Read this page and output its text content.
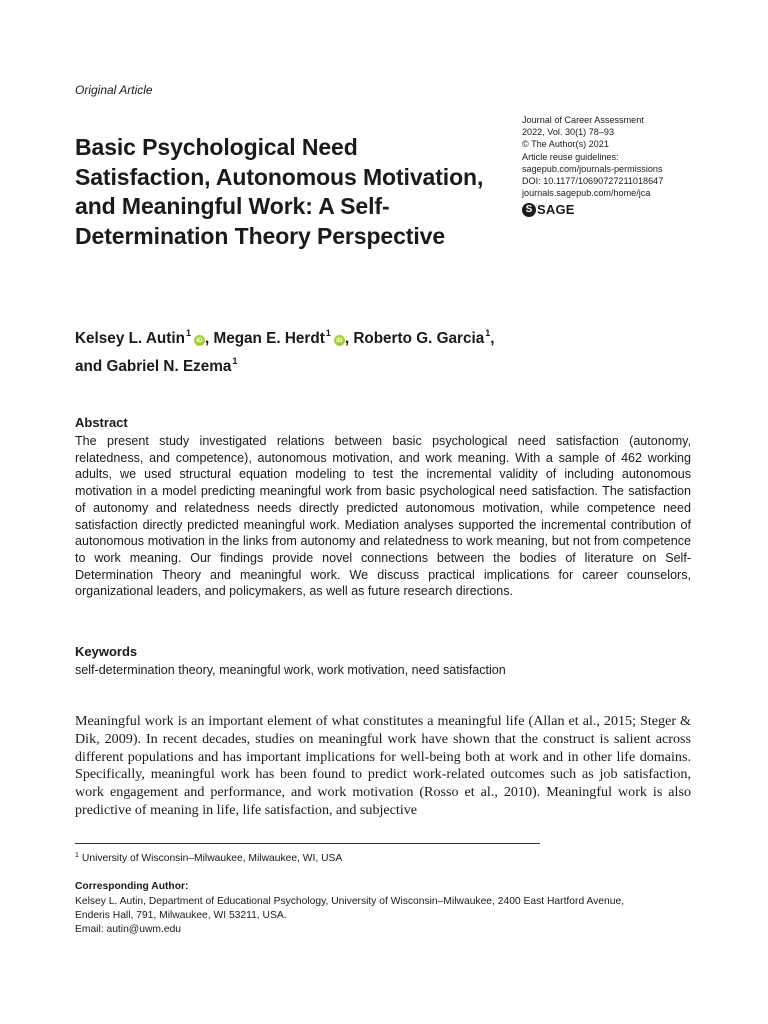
Original Article
Basic Psychological Need Satisfaction, Autonomous Motivation, and Meaningful Work: A Self-Determination Theory Perspective
Journal of Career Assessment
2022, Vol. 30(1) 78–93
© The Author(s) 2021
Article reuse guidelines:
sagepub.com/journals-permissions
DOI: 10.1177/10690727211018647
journals.sagepub.com/home/jca
S SAGE
Kelsey L. Autin$^1$iD , Megan E. Herdt$^1$iD , Roberto G. Garcia$^1$,
and Gabriel N. Ezema$^1$
Abstract
The present study investigated relations between basic psychological need satisfaction (autonomy, relatedness, and competence), autonomous motivation, and work meaning. With a sample of 462 working adults, we used structural equation modeling to test the incremental validity of including autonomous motivation in a model predicting meaningful work from basic psychological need satisfaction. The satisfaction of autonomy and relatedness needs directly predicted autonomous motivation, while competence need satisfaction directly predicted meaningful work. Mediation analyses supported the incremental contribution of autonomous motivation in the links from autonomy and relatedness to work meaning, but not from competence to work meaning. Our findings provide novel connections between the bodies of literature on Self-Determination Theory and meaningful work. We discuss practical implications for career counselors, organizational leaders, and policymakers, as well as future research directions.
Keywords
self-determination theory, meaningful work, work motivation, need satisfaction
Meaningful work is an important element of what constitutes a meaningful life (Allan et al., 2015; Steger & Dik, 2009). In recent decades, studies on meaningful work have shown that the construct is salient across different populations and has important implications for well-being both at work and in other life domains. Specifically, meaningful work has been found to predict work-related outcomes such as job satisfaction, work engagement and performance, and work motivation (Rosso et al., 2010). Meaningful work is also predictive of meaning in life, life satisfaction, and subjective
$^1$ University of Wisconsin–Milwaukee, Milwaukee, WI, USA
Corresponding Author:
Kelsey L. Autin, Department of Educational Psychology, University of Wisconsin–Milwaukee, 2400 East Hartford Avenue,
Enderis Hall, 791, Milwaukee, WI 53211, USA.
Email: autin@uwm.edu
